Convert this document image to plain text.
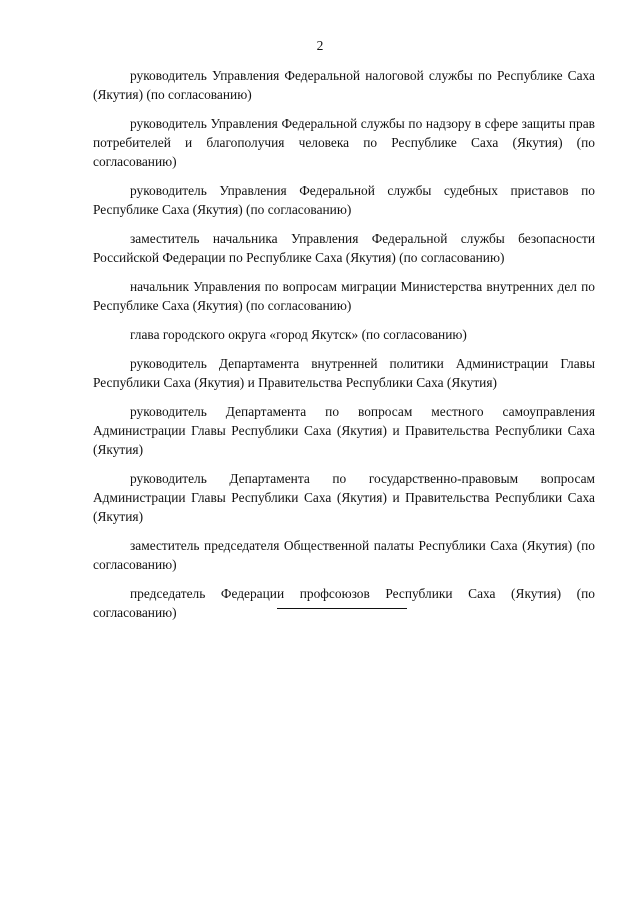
2

руководитель Управления Федеральной налоговой службы по Республике Саха (Якутия) (по согласованию)

руководитель Управления Федеральной службы по надзору в сфере защиты прав потребителей и благополучия человека по Республике Саха (Якутия) (по согласованию)

руководитель Управления Федеральной службы судебных приставов по Республике Саха (Якутия) (по согласованию)

заместитель начальника Управления Федеральной службы безопасности Российской Федерации по Республике Саха (Якутия) (по согласованию)

начальник Управления по вопросам миграции Министерства внутренних дел по Республике Саха (Якутия) (по согласованию)

глава городского округа «город Якутск» (по согласованию)

руководитель Департамента внутренней политики Администрации Главы Республики Саха (Якутия) и Правительства Республики Саха (Якутия)

руководитель Департамента по вопросам местного самоуправления Администрации Главы Республики Саха (Якутия) и Правительства Республики Саха (Якутия)

руководитель Департамента по государственно-правовым вопросам Администрации Главы Республики Саха (Якутия) и Правительства Республики Саха (Якутия)

заместитель председателя Общественной палаты Республики Саха (Якутия) (по согласованию)

председатель Федерации профсоюзов Республики Саха (Якутия) (по согласованию)
